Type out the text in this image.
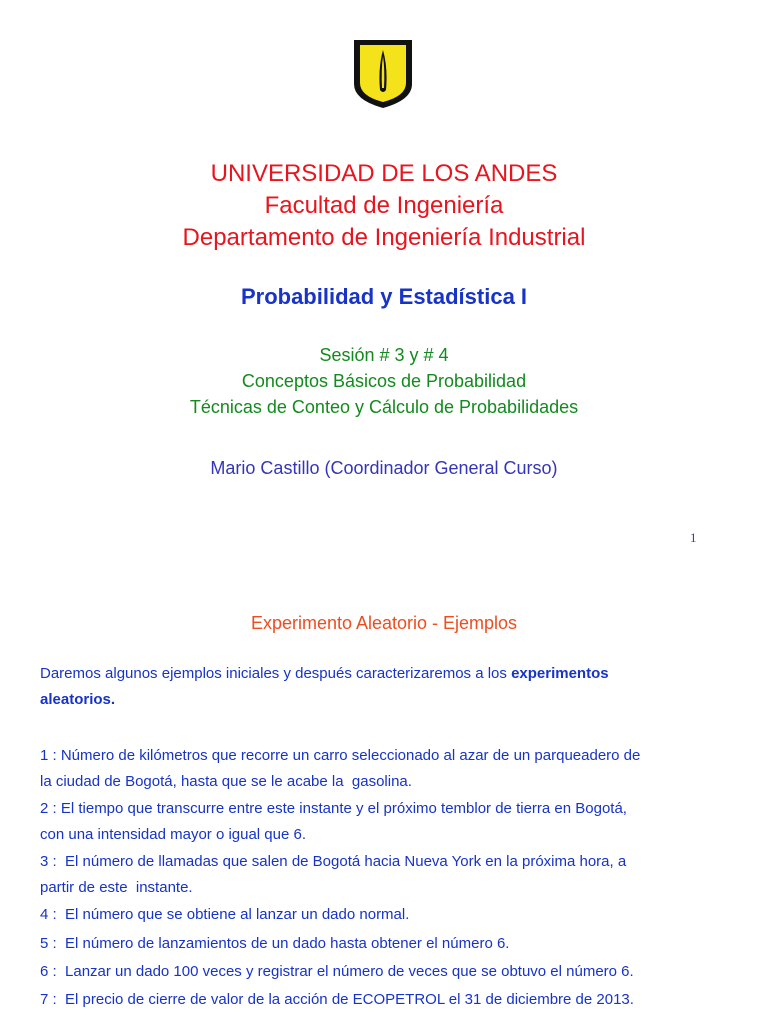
UNIVERSIDAD DE LOS ANDES
Facultad de Ingeniería
Departamento de Ingeniería Industrial
Probabilidad y Estadística I
Sesión # 3 y # 4
Conceptos Básicos de Probabilidad
Técnicas de Conteo y Cálculo de Probabilidades
Mario Castillo (Coordinador General Curso)
1
Experimento Aleatorio - Ejemplos
Daremos algunos ejemplos iniciales y después caracterizaremos a los experimentos
aleatorios.
1 : Número de kilómetros que recorre un carro seleccionado al azar de un parqueadero de
la ciudad de Bogotá, hasta que se le acabe la  gasolina.
2 : El tiempo que transcurre entre este instante y el próximo temblor de tierra en Bogotá,
con una intensidad mayor o igual que 6.
3 :  El número de llamadas que salen de Bogotá hacia Nueva York en la próxima hora, a
partir de este  instante.
4 :  El número que se obtiene al lanzar un dado normal.
5 :  El número de lanzamientos de un dado hasta obtener el número 6.
6 :  Lanzar un dado 100 veces y registrar el número de veces que se obtuvo el número 6.
7 :  El precio de cierre de valor de la acción de ECOPETROL el 31 de diciembre de 2013.
